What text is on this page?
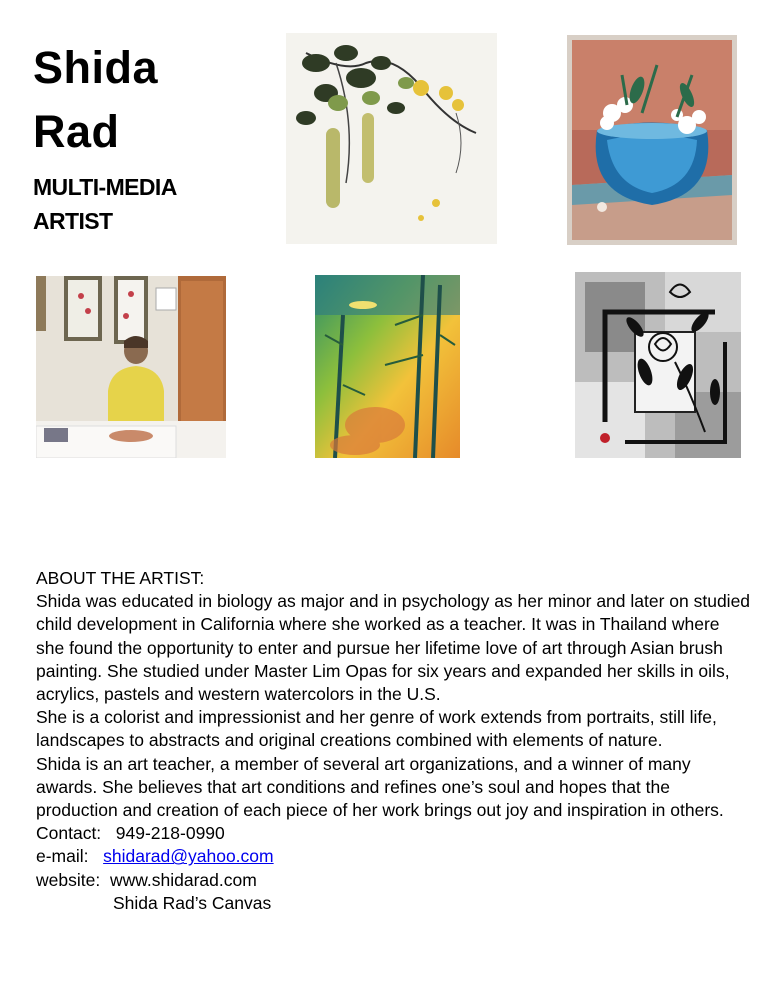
Shida
Rad
MULTI-MEDIA
ARTIST

ABOUT THE ARTIST:

Shida was educated in biology as major and in psychology as her minor and later on studied child development in California where she worked as a teacher. It was in Thailand where she found the opportunity to enter and pursue her lifetime love of art through Asian brush painting. She studied under Master Lim Opas for six years and expanded her skills in oils, acrylics, pastels and western watercolors in the U.S.

She is a colorist and impressionist and her genre of work extends from portraits, still life, landscapes to abstracts and original creations combined with elements of nature.

Shida is an art teacher, a member of several art organizations, and a winner of many awards. She believes that art conditions and refines one’s soul and hopes that the production and creation of each piece of her work brings out joy and inspiration in others.

Contact: 949-218-0990

e-mail: shidarad@yahoo.com

website: www.shidarad.com

Shida Rad’s Canvas
